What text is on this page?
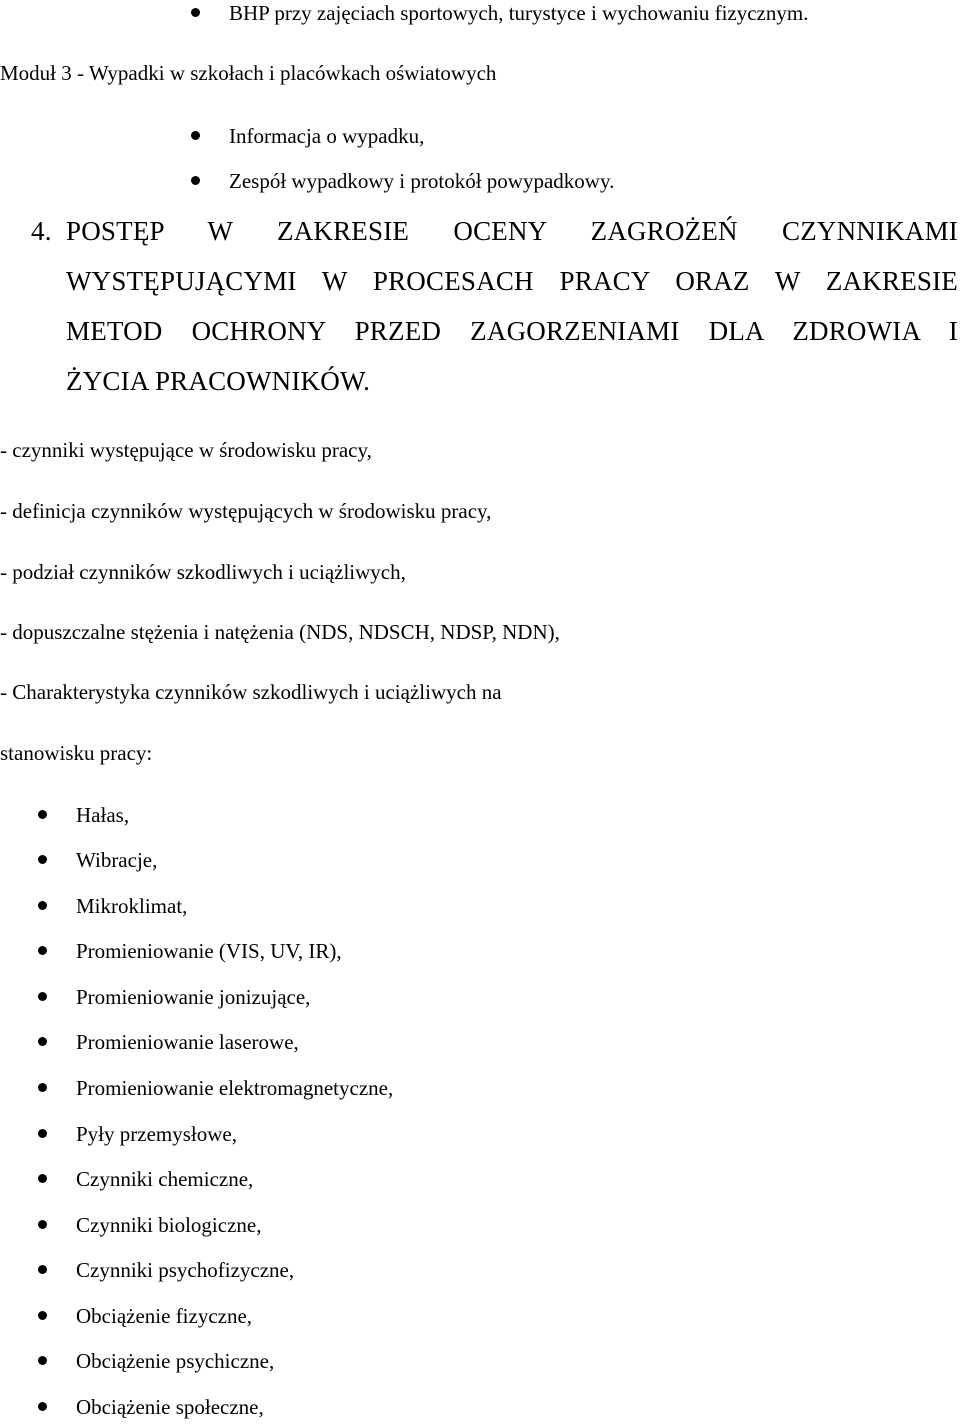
BHP przy zajęciach sportowych, turystyce i wychowaniu fizycznym.
Moduł 3 - Wypadki w szkołach i placówkach oświatowych
Informacja o wypadku,
Zespół wypadkowy i protokół powypadkowy.
4. POSTĘP W ZAKRESIE OCENY ZAGROŻEŃ CZYNNIKAMI
WYSTĘPUJĄCYMI W PROCESACH PRACY ORAZ W ZAKRESIE
METOD OCHRONY PRZED ZAGORZENIAMI DLA ZDROWIA I
ŻYCIA PRACOWNIKÓW.
- czynniki występujące w środowisku pracy,
- definicja czynników występujących w środowisku pracy,
- podział czynników szkodliwych i uciążliwych,
- dopuszczalne stężenia i natężenia (NDS, NDSCH, NDSP, NDN),
- Charakterystyka czynników szkodliwych i uciążliwych na
stanowisku pracy:
Hałas,
Wibracje,
Mikroklimat,
Promieniowanie (VIS, UV, IR),
Promieniowanie jonizujące,
Promieniowanie laserowe,
Promieniowanie elektromagnetyczne,
Pyły przemysłowe,
Czynniki chemiczne,
Czynniki biologiczne,
Czynniki psychofizyczne,
Obciążenie fizyczne,
Obciążenie psychiczne,
Obciążenie społeczne,
